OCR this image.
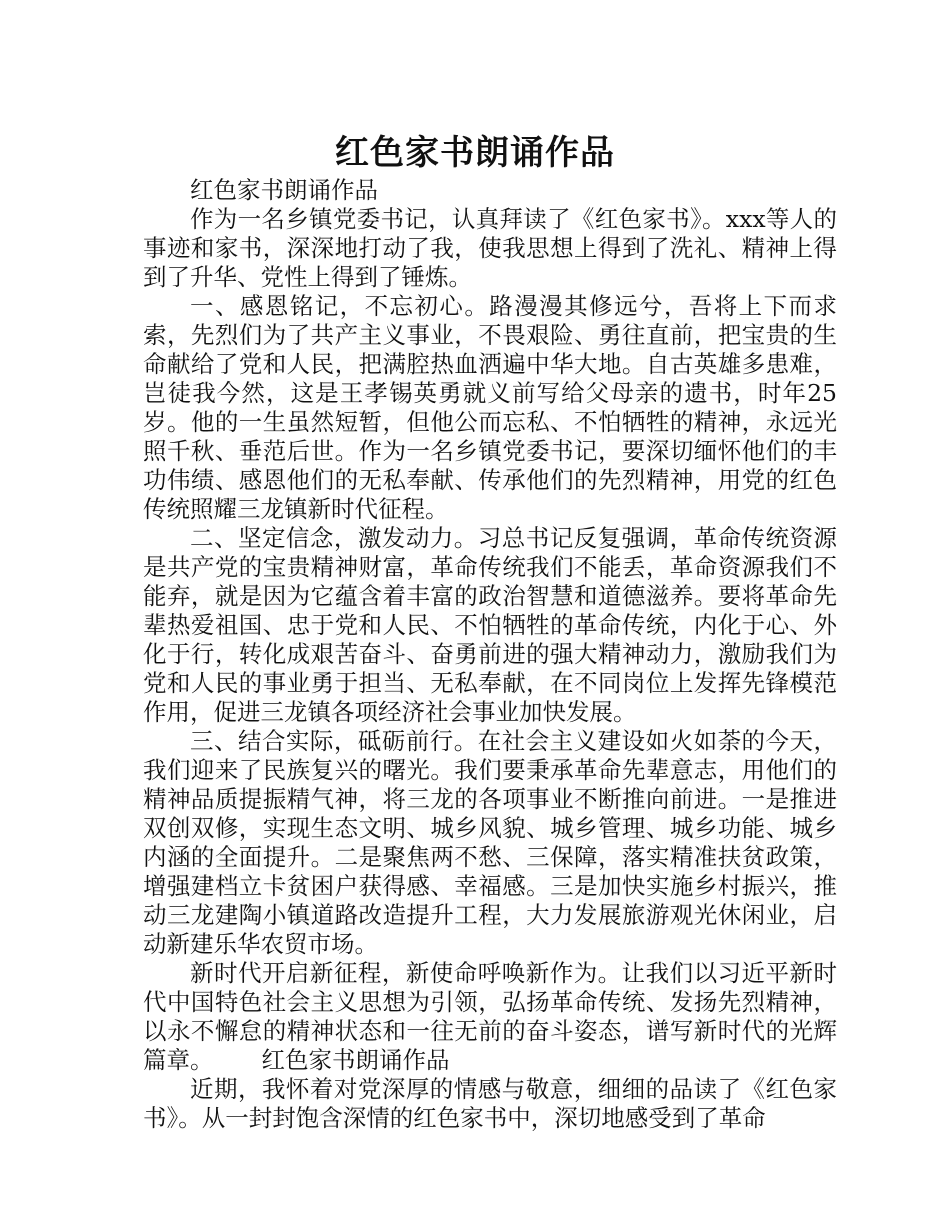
红色家书朗诵作品

红色家书朗诵作品

作为一名乡镇党委书记，认真拜读了《红色家书》。xxx等人的事迹和家书，深深地打动了我，使我思想上得到了洗礼、精神上得到了升华、党性上得到了锤炼。

一、感恩铭记，不忘初心。路漫漫其修远兮，吾将上下而求索，先烈们为了共产主义事业，不畏艰险、勇往直前，把宝贵的生命献给了党和人民，把满腔热血洒遍中华大地。自古英雄多患难，岂徒我今然，这是王孝锡英勇就义前写给父母亲的遗书，时年25岁。他的一生虽然短暂，但他公而忘私、不怕牺牲的精神，永远光照千秋、垂范后世。作为一名乡镇党委书记，要深切缅怀他们的丰功伟绩、感恩他们的无私奉献、传承他们的先烈精神，用党的红色传统照耀三龙镇新时代征程。

二、坚定信念，激发动力。习总书记反复强调，革命传统资源是共产党的宝贵精神财富，革命传统我们不能丢，革命资源我们不能弃，就是因为它蕴含着丰富的政治智慧和道德滋养。要将革命先辈热爱祖国、忠于党和人民、不怕牺牲的革命传统，内化于心、外化于行，转化成艰苦奋斗、奋勇前进的强大精神动力，激励我们为党和人民的事业勇于担当、无私奉献，在不同岗位上发挥先锋模范作用，促进三龙镇各项经济社会事业加快发展。

三、结合实际，砥砺前行。在社会主义建设如火如荼的今天，我们迎来了民族复兴的曙光。我们要秉承革命先辈意志，用他们的精神品质提振精气神，将三龙的各项事业不断推向前进。一是推进双创双修，实现生态文明、城乡风貌、城乡管理、城乡功能、城乡内涵的全面提升。二是聚焦两不愁、三保障，落实精准扶贫政策，增强建档立卡贫困户获得感、幸福感。三是加快实施乡村振兴，推动三龙建陶小镇道路改造提升工程，大力发展旅游观光休闲业，启动新建乐华农贸市场。

新时代开启新征程，新使命呼唤新作为。让我们以习近平新时代中国特色社会主义思想为引领，弘扬革命传统、发扬先烈精神，以永不懈怠的精神状态和一往无前的奋斗姿态，谱写新时代的光辉篇章。 红色家书朗诵作品

近期，我怀着对党深厚的情感与敬意，细细的品读了《红色家书》。从一封封饱含深情的红色家书中，深切地感受到了革命
